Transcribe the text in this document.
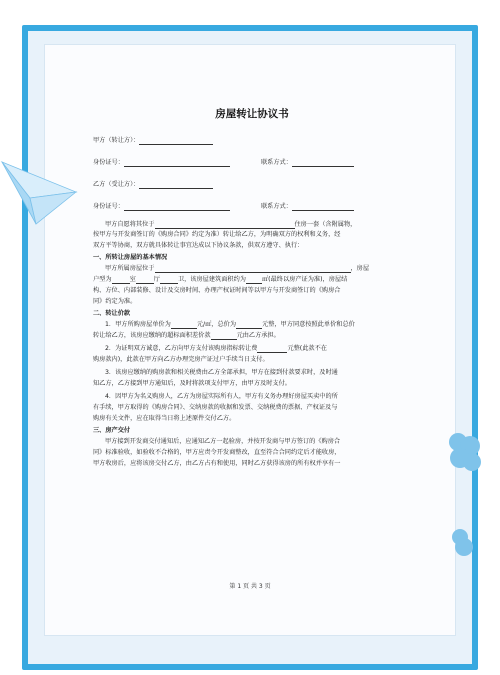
房屋转让协议书
甲方（转让方）：
身份证号：	联系方式：
乙方（受让方）：
身份证号：	联系方式：
甲方自愿将其位于	住房一套（含附属物，
按甲方与开发商签订的《购房合同》约定为准）转让给乙方，为明确双方的权利和义务，经
双方平等协商，双方就具体转让事宜达成以下协议条款，供双方遵守、执行：
一、所转让房屋的基本情况
甲方所属房屋位于	，房屋
户型为	室	厅	卫，该房屋建筑面积约为	㎡(最终以房产证为准)，房屋结
构、方位、内部装修、设计及交房时间、办理产权证时间等以甲方与开发商签订的《购房合
同》约定为准。
二、转让价款
1．甲方所购房屋单价为	元/㎡，总价为	元整，甲方同意按照此单价和总价
转让给乙方，该房应缴纳的超标面积差价款	元由乙方承担。
2．为证明双方诚意，乙方向甲方支付该购房指标转让费	元整(此款不在
购房款内)，此款在甲方向乙方办理完房产证过户手续当日支付。
3．该房应缴纳的购房款和相关税费由乙方全部承担，甲方在接到付款要求时，及时通
知乙方，乙方接到甲方通知后，及时将款项支付甲方，由甲方及时支付。
4．因甲方为名义购房人，乙方为房屋实际所有人，甲方有义务办理好房屋买卖中的所
有手续，甲方取得的《购房合同》、交纳房款的收据和发票、交纳税费的票据、产权证及与
购房有关文件，应在取得当日将上述原件交付乙方。
三、房产交付
甲方接到开发商交付通知后，应通知乙方一起验房，并按开发商与甲方签订的《购房合
同》标准验收，如验收不合格的，甲方应责令开发商整改，直至符合合同约定后才能收房，
甲方收房后，应将该房交付乙方，由乙方占有和使用，同时乙方获得该房的所有权并享有一
第 1 页 共 3 页
